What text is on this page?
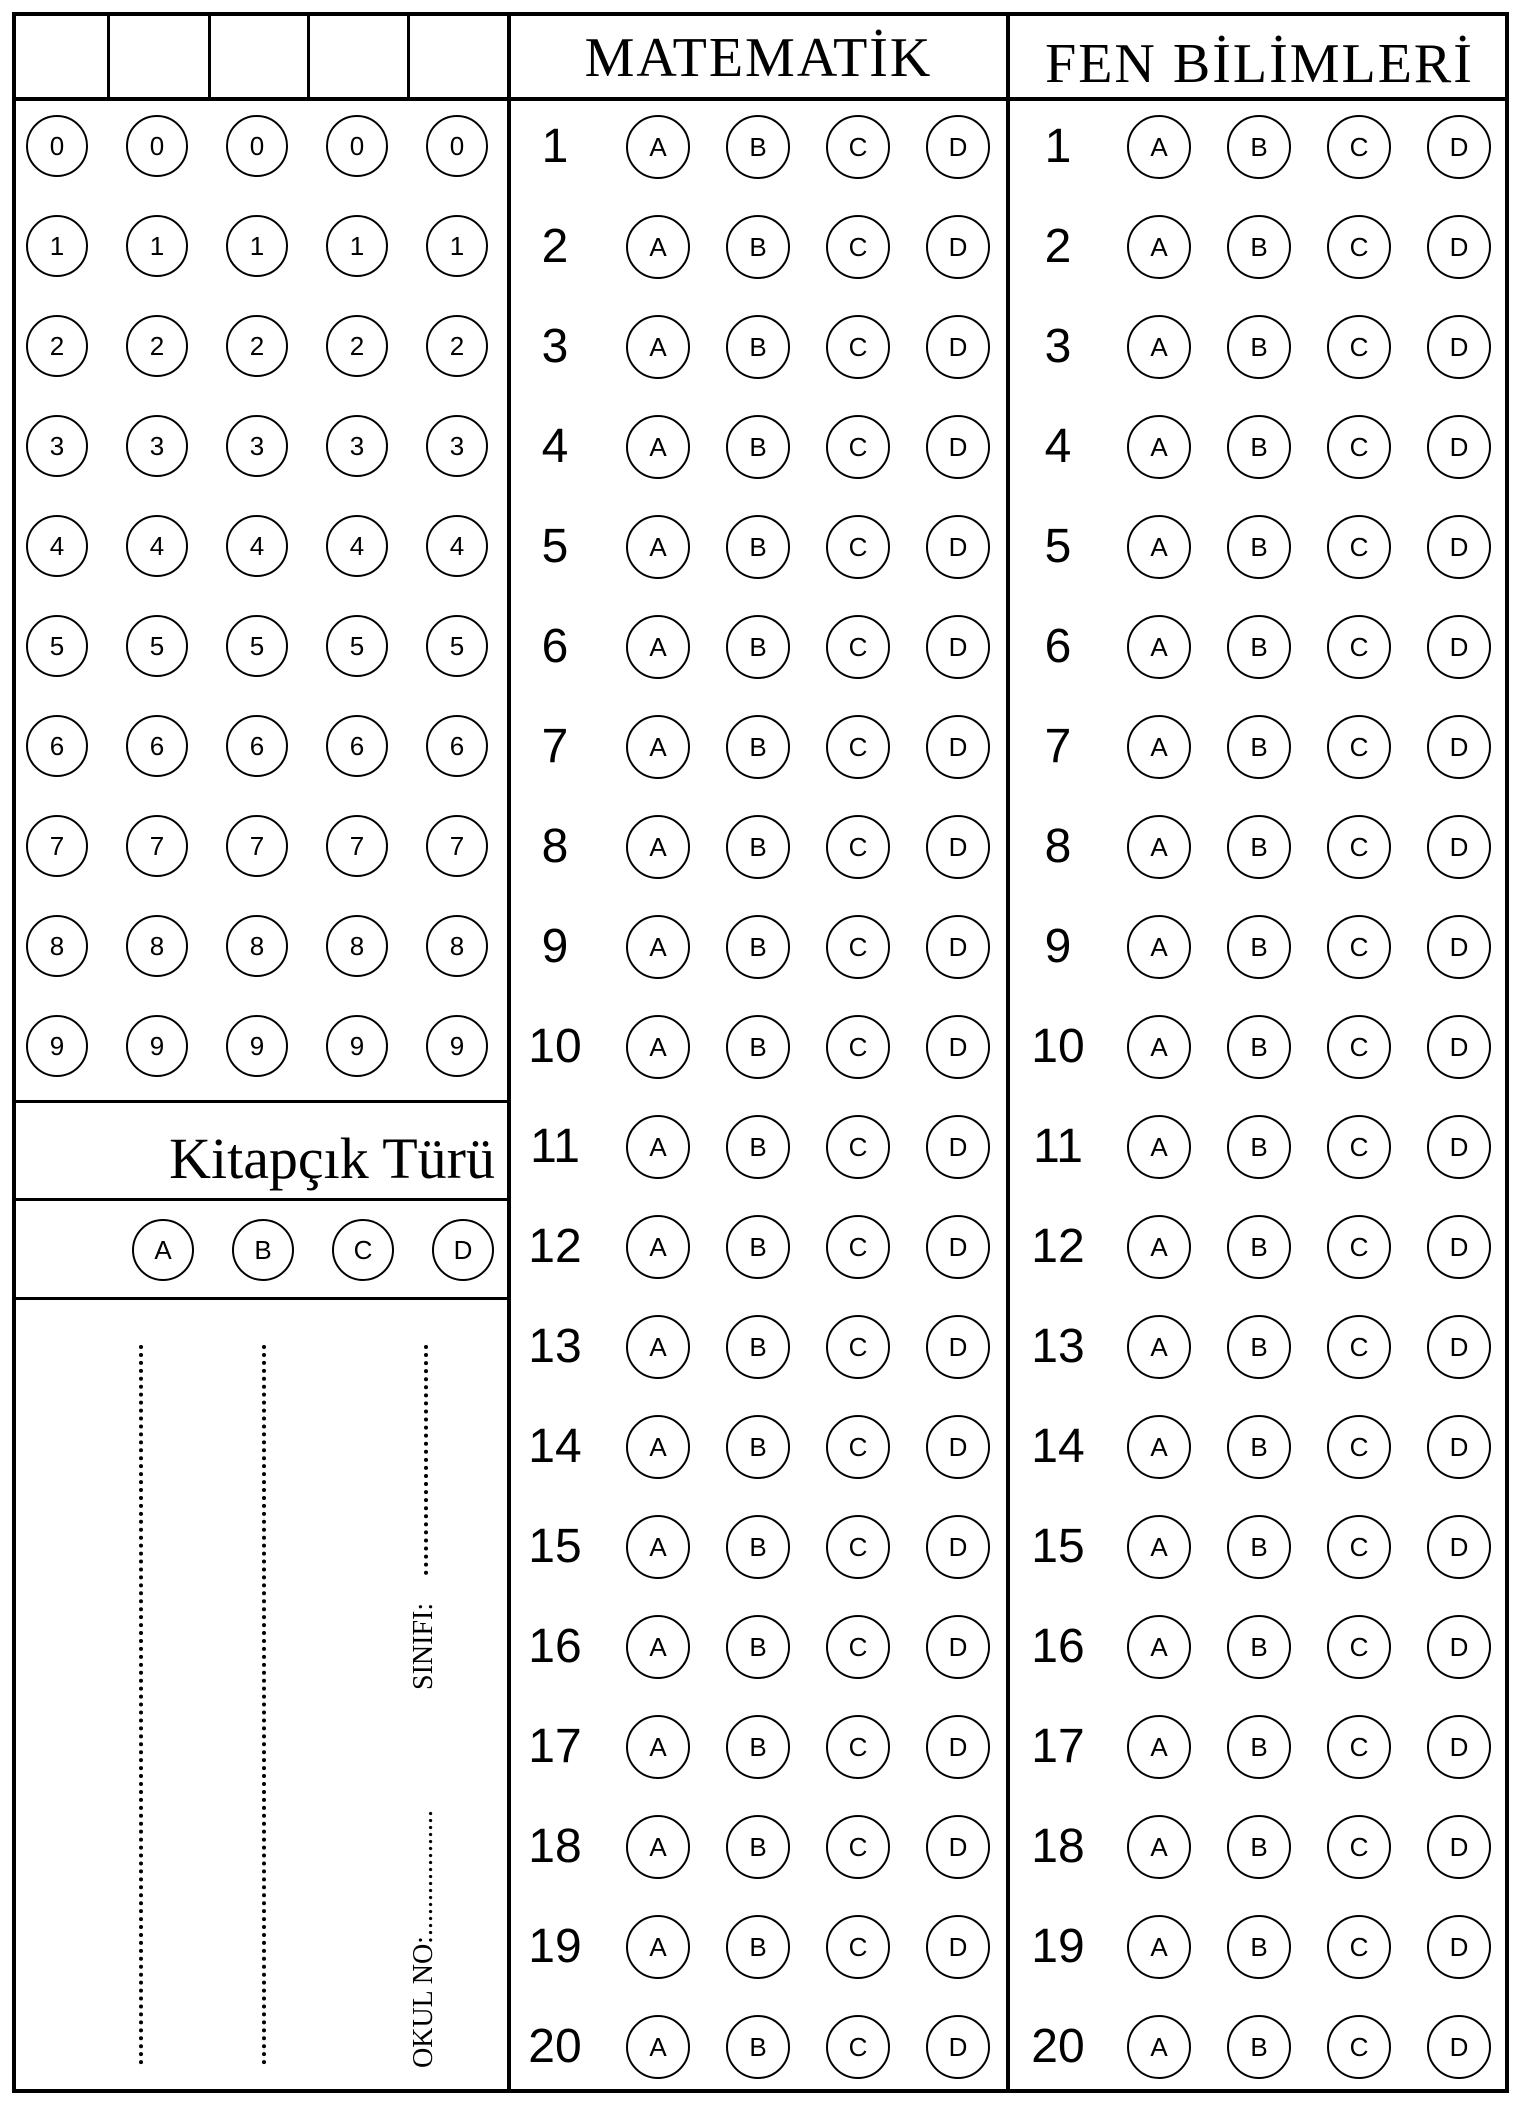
0	0	0	0	0
1	1	1	1	1
2	2	2	2	2
3	3	3	3	3
4	4	4	4	4
5	5	5	5	5
6	6	6	6	6
7	7	7	7	7
8	8	8	8	8
9	9	9	9	9
Kitapçık Türü
A	B	C	D
OKUL NO:..................
SINIFI:
MATEMATİK	FEN BİLİMLERİ
1	A	B	C	D
2	A	B	C	D
3	A	B	C	D
4	A	B	C	D
5	A	B	C	D
6	A	B	C	D
7	A	B	C	D
8	A	B	C	D
9	A	B	C	D
10	A	B	C	D
11	A	B	C	D
12	A	B	C	D
13	A	B	C	D
14	A	B	C	D
15	A	B	C	D
16	A	B	C	D
17	A	B	C	D
18	A	B	C	D
19	A	B	C	D
20	A	B	C	D
1	A	B	C	D
2	A	B	C	D
3	A	B	C	D
4	A	B	C	D
5	A	B	C	D
6	A	B	C	D
7	A	B	C	D
8	A	B	C	D
9	A	B	C	D
10	A	B	C	D
11	A	B	C	D
12	A	B	C	D
13	A	B	C	D
14	A	B	C	D
15	A	B	C	D
16	A	B	C	D
17	A	B	C	D
18	A	B	C	D
19	A	B	C	D
20	A	B	C	D
